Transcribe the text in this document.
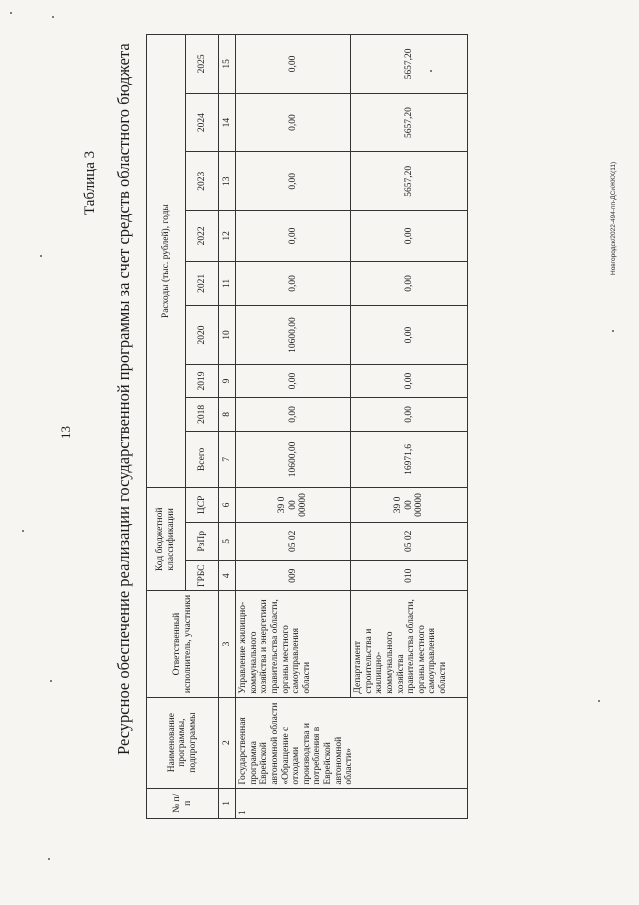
13
Таблица 3 Ресурсное обеспечение реализации государственной программы за счет средств областного бюджета
№ п/п	Наименование программы, подпрограммы	Ответственный исполнитель, участники	Код бюджетной классификации			Расходы (тыс. рублей), годы								
			ГРБС	РзПр	ЦСР	Всего	2018	2019	2020	2021	2022	2023	2024	2025
1	2	3	4	5	6	7	8	9	10	11	12	13	14	15
1	Государственная программа Еврейской автономной области «Обращение с отходами производства и потребления в Еврейской автономной области»	Управление жилищно-коммунального хозяйства и энергетики правительства области, органы местного самоуправления области	009	05 02	39 0 00 00000	10600,00	0,00	0,00	10600,00	0,00	0,00	0,00	0,00	0,00
		Департамент строительства и жилищно-коммунального хозяйства правительства области, органы местного самоуправления области	010	05 02	39 0 00 00000	16971,6	0,00	0,00	0,00	0,00	0,00	5657,20	5657,20	5657,20
Новгородск/2022-494-пп-ДСиЖКХ(11)
